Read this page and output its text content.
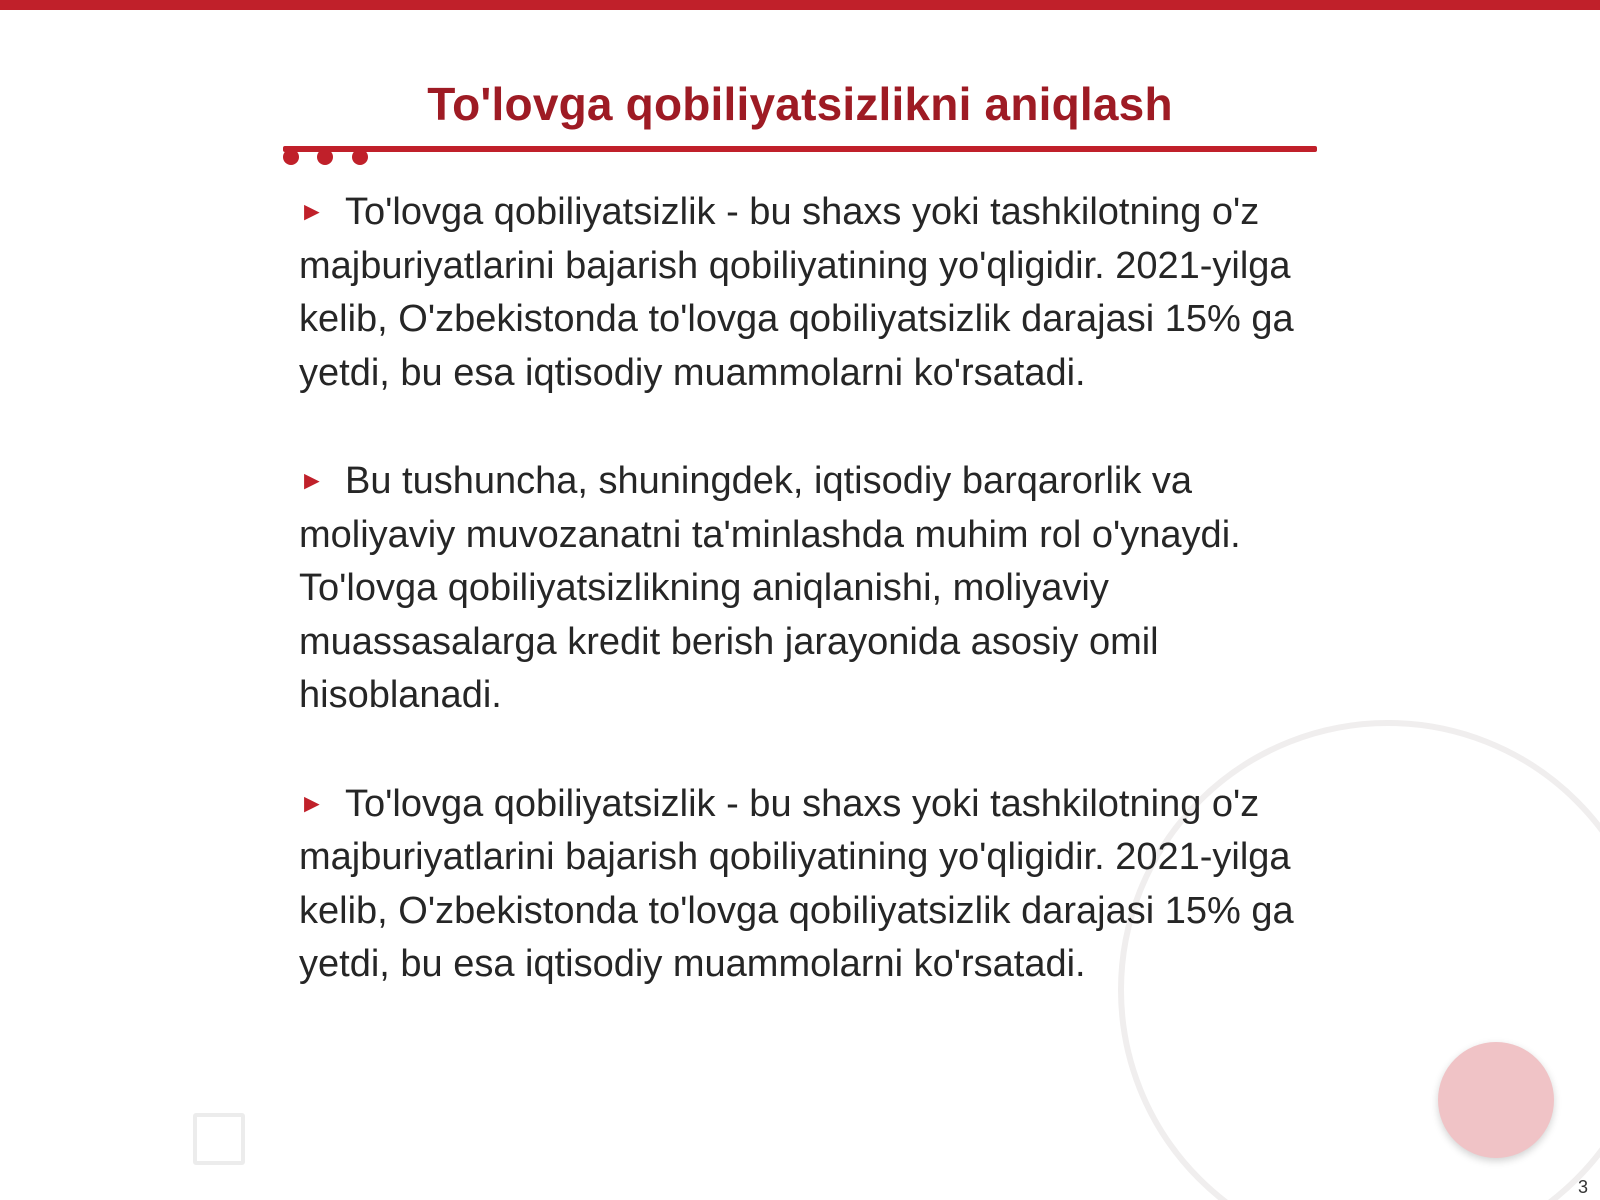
To'lovga qobiliyatsizlikni aniqlash

► To'lovga qobiliyatsizlik - bu shaxs yoki tashkilotning o'z majburiyatlarini bajarish qobiliyatining yo'qligidir. 2021-yilga kelib, O'zbekistonda to'lovga qobiliyatsizlik darajasi 15% ga yetdi, bu esa iqtisodiy muammolarni ko'rsatadi.

► Bu tushuncha, shuningdek, iqtisodiy barqarorlik va moliyaviy muvozanatni ta'minlashda muhim rol o'ynaydi. To'lovga qobiliyatsizlikning aniqlanishi, moliyaviy muassasalarga kredit berish jarayonida asosiy omil hisoblanadi.

► To'lovga qobiliyatsizlik - bu shaxs yoki tashkilotning o'z majburiyatlarini bajarish qobiliyatining yo'qligidir. 2021-yilga kelib, O'zbekistonda to'lovga qobiliyatsizlik darajasi 15% ga yetdi, bu esa iqtisodiy muammolarni ko'rsatadi.

3
